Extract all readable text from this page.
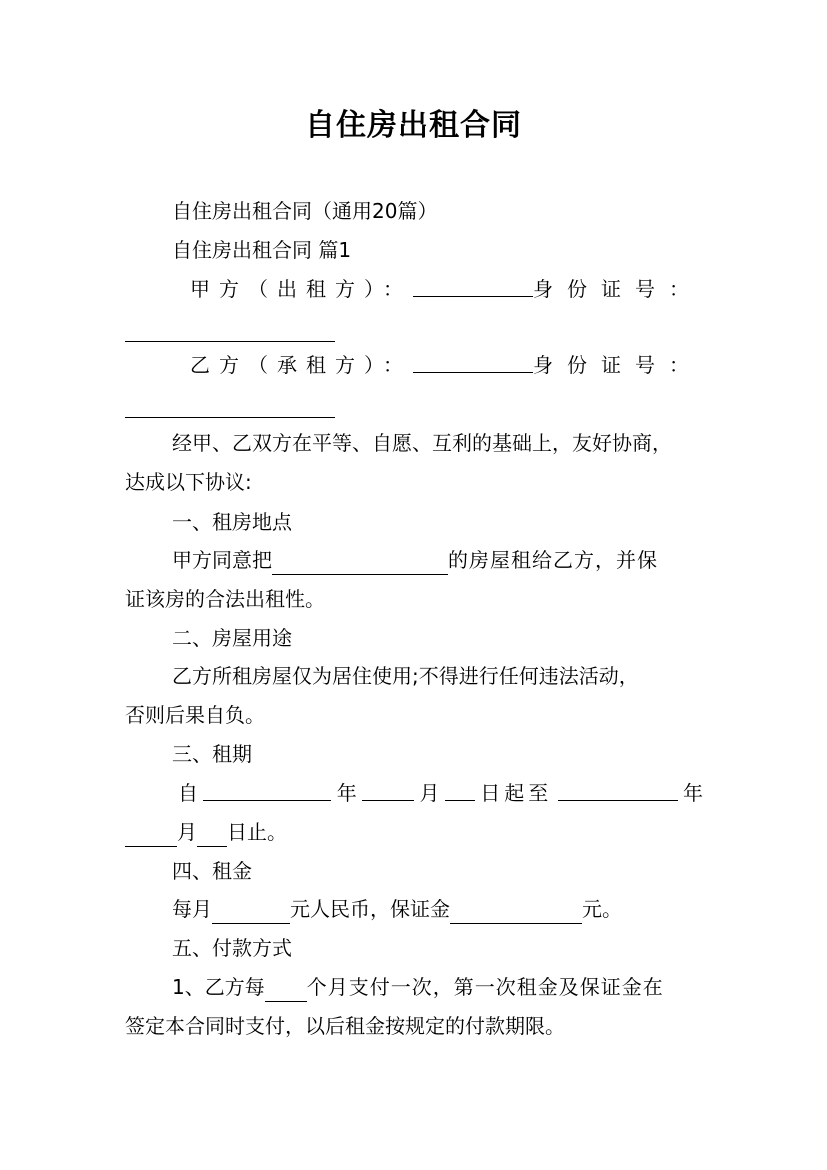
自住房出租合同
自住房出租合同（通用20篇）
自住房出租合同 篇1
甲方（出租方）：	身份证号：
乙方（承租方）：	身份证号：
经甲、乙双方在平等、自愿、互利的基础上，友好协商，
达成以下协议:
一、租房地点
甲方同意把	的房屋租给乙方，并保
证该房的合法出租性。
二、房屋用途
乙方所租房屋仅为居住使用;不得进行任何违法活动，
否则后果自负。
三、租期
自	年	月 日起至	年
月 日止。
四、租金
每月	元人民币，保证金	元。
五、付款方式
1、乙方每 个月支付一次，第一次租金及保证金在
签定本合同时支付，以后租金按规定的付款期限。
